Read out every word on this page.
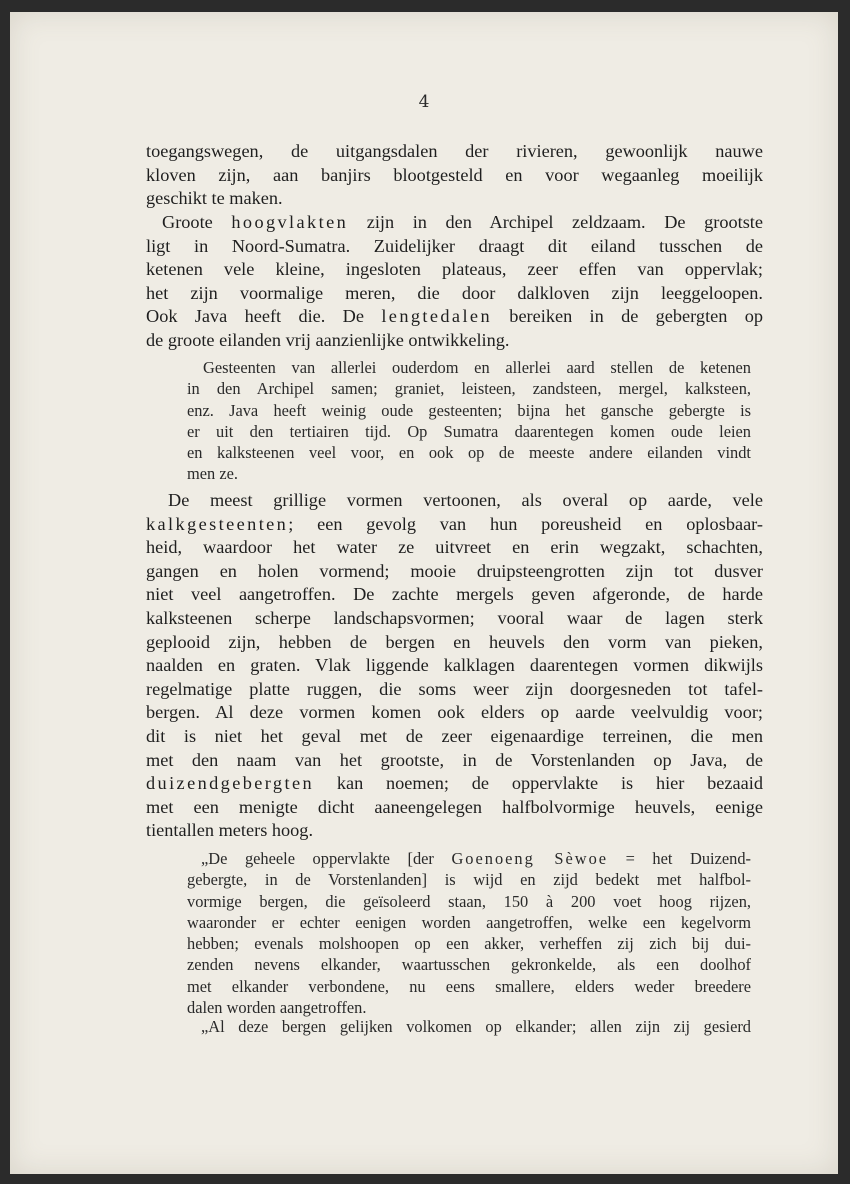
4

toegangswegen, de uitgangsdalen der rivieren, gewoonlijk nauwe
kloven zijn, aan banjirs blootgesteld en voor wegaanleg moeilijk
geschikt te maken.

Groote hoogvlakten zijn in den Archipel zeldzaam. De grootste
ligt in Noord-Sumatra. Zuidelijker draagt dit eiland tusschen de
ketenen vele kleine, ingesloten plateaus, zeer effen van oppervlak;
het zijn voormalige meren, die door dalkloven zijn leeggeloopen.
Ook Java heeft die. De lengtedalen bereiken in de gebergten op
de groote eilanden vrij aanzienlijke ontwikkeling.

Gesteenten van allerlei ouderdom en allerlei aard stellen de ketenen
in den Archipel samen; graniet, leisteen, zandsteen, mergel, kalksteen,
enz. Java heeft weinig oude gesteenten; bijna het gansche gebergte is
er uit den tertiairen tijd. Op Sumatra daarentegen komen oude leien
en kalksteenen veel voor, en ook op de meeste andere eilanden vindt
men ze.

De meest grillige vormen vertoonen, als overal op aarde, vele
kalkgesteenten; een gevolg van hun poreusheid en oplosbaar-
heid, waardoor het water ze uitvreet en erin wegzakt, schachten,
gangen en holen vormend; mooie druipsteengrotten zijn tot dusver
niet veel aangetroffen. De zachte mergels geven afgeronde, de harde
kalksteenen scherpe landschapsvormen; vooral waar de lagen sterk
geplooid zijn, hebben de bergen en heuvels den vorm van pieken,
naalden en graten. Vlak liggende kalklagen daarentegen vormen dikwijls
regelmatige platte ruggen, die soms weer zijn doorgesneden tot tafel-
bergen. Al deze vormen komen ook elders op aarde veelvuldig voor;
dit is niet het geval met de zeer eigenaardige terreinen, die men
met den naam van het grootste, in de Vorstenlanden op Java, de
duizendgebergten kan noemen; de oppervlakte is hier bezaaid
met een menigte dicht aaneengelegen halfbolvormige heuvels, eenige
tientallen meters hoog.

„De geheele oppervlakte [der Goenoeng Sèwoe = het Duizend-
gebergte, in de Vorstenlanden] is wijd en zijd bedekt met halfbol-
vormige bergen, die geïsoleerd staan, 150 à 200 voet hoog rijzen,
waaronder er echter eenigen worden aangetroffen, welke een kegelvorm
hebben; evenals molshoopen op een akker, verheffen zij zich bij dui-
zenden nevens elkander, waartusschen gekronkelde, als een doolhof
met elkander verbondene, nu eens smallere, elders weder breedere
dalen worden aangetroffen.

„Al deze bergen gelijken volkomen op elkander; allen zijn zij gesierd
